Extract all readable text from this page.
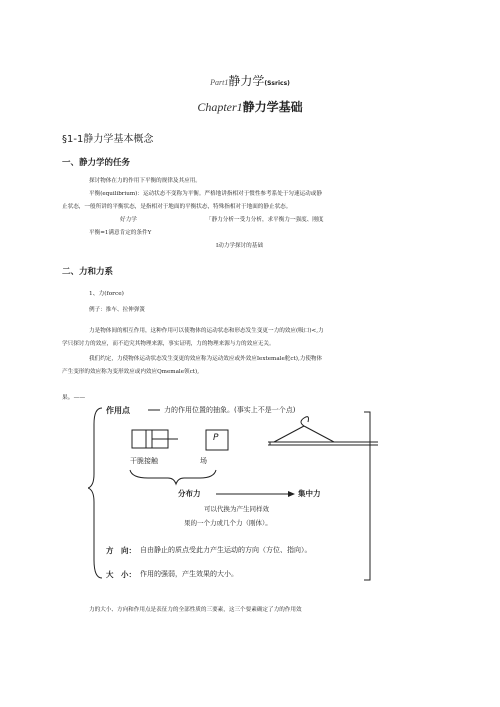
Part1静力学(Ssrics)
Chapter1静力学基础
§1-1静力学基本概念
一、静力学的任务
探讨物体在力的作用下平衡的规律及其应用。
平衡(equilibrium)：运动状态不变称为平衡。严格地讲指相对于惯性参考系处于匀速运动或静
止状态，一般所讲的平衡状态，是指相对于地面的平衡状态，特殊指相对于地面的静止状态。
好力学	「静力分析一受力分析，求平衡力一强度、刚度
平衡=1满意肯定的条件Y
I动力学探讨的基础
二、力和力系
1、力(force)
例子：推车、拉伸弹簧
力是物体间的相互作用，这种作用可以使物体的运动状态和形态发生变更一力的效应(吸口)<,力
学只探讨力的效应，而不追究其物理来源，事实证明，力的物理来源与力的效应无关。
我们约定，力使物体运动状态发生变更的效应称为运动效应或外效应Iextemale舵ct),力使物体
产生变形的效应称为变形效应或内效应Qmemale领ct),
果。——
作用点	力的作用位置的抽象。(事实上不是一个点)
P
干脆接触	场
分布力	集中力
可以代换为产生同样效
果的一个力或几个力（刚体）。
方　向： 自由静止的质点受此力产生运动的方向（方位、指向）。
大　小： 作用的强弱，产生效果的大小。
力的大小、方向和作用点是表征力的全部性质的三要素，这三个要素确定了力的作用效
